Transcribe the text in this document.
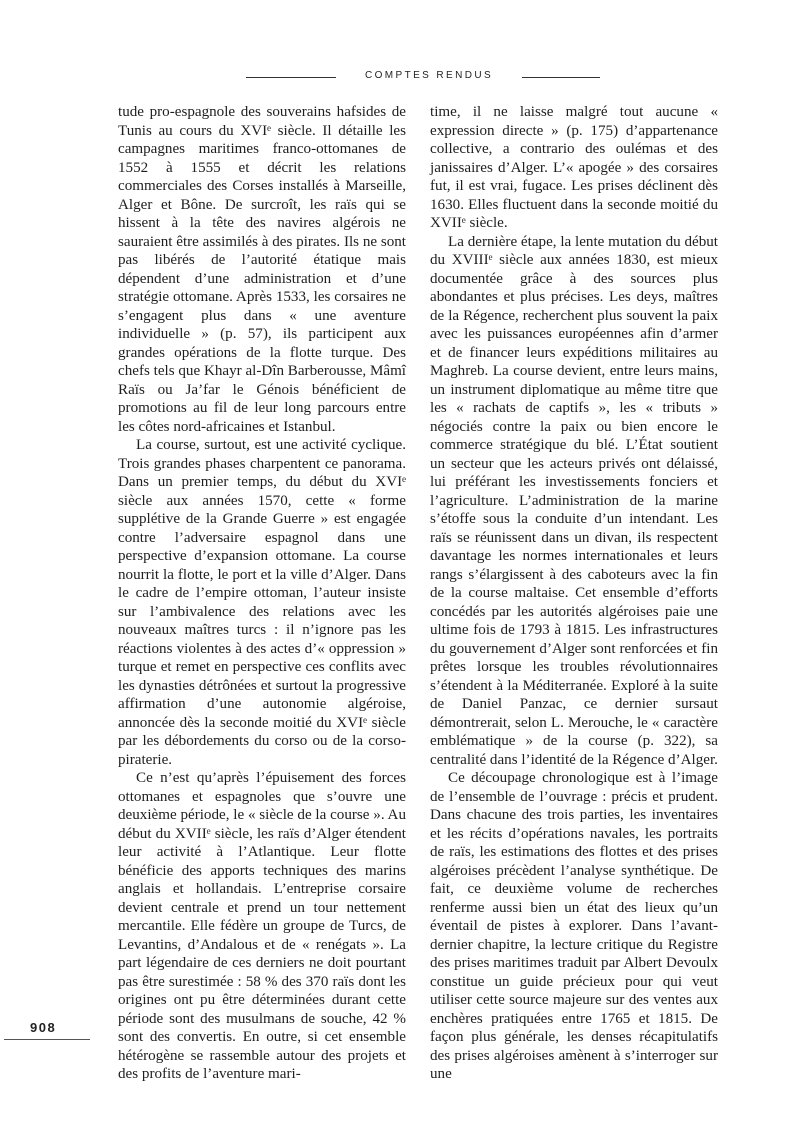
COMPTES RENDUS

tude pro-espagnole des souverains hafsides de Tunis au cours du XVIᵉ siècle. Il détaille les campagnes maritimes franco-ottomanes de 1552 à 1555 et décrit les relations commerciales des Corses installés à Marseille, Alger et Bône. De surcroît, les raïs qui se hissent à la tête des navires algérois ne sauraient être assimilés à des pirates. Ils ne sont pas libérés de l’autorité étatique mais dépendent d’une administration et d’une stratégie ottomane. Après 1533, les corsaires ne s’engagent plus dans « une aventure individuelle » (p. 57), ils participent aux grandes opérations de la flotte turque. Des chefs tels que Khayr al-Dîn Barberousse, Mâmî Raïs ou Ja’far le Génois bénéficient de promotions au fil de leur long parcours entre les côtes nord-africaines et Istanbul.

La course, surtout, est une activité cyclique. Trois grandes phases charpentent ce panorama. Dans un premier temps, du début du XVIᵉ siècle aux années 1570, cette « forme supplétive de la Grande Guerre » est engagée contre l’adversaire espagnol dans une perspective d’expansion ottomane. La course nourrit la flotte, le port et la ville d’Alger. Dans le cadre de l’empire ottoman, l’auteur insiste sur l’ambivalence des relations avec les nouveaux maîtres turcs : il n’ignore pas les réactions violentes à des actes d’« oppression » turque et remet en perspective ces conflits avec les dynasties détrônées et surtout la progressive affirmation d’une autonomie algéroise, annoncée dès la seconde moitié du XVIᵉ siècle par les débordements du corso ou de la corso-piraterie.

Ce n’est qu’après l’épuisement des forces ottomanes et espagnoles que s’ouvre une deuxième période, le « siècle de la course ». Au début du XVIIᵉ siècle, les raïs d’Alger étendent leur activité à l’Atlantique. Leur flotte bénéficie des apports techniques des marins anglais et hollandais. L’entreprise corsaire devient centrale et prend un tour nettement mercantile. Elle fédère un groupe de Turcs, de Levantins, d’Andalous et de « renégats ». La part légendaire de ces derniers ne doit pourtant pas être surestimée : 58 % des 370 raïs dont les origines ont pu être déterminées durant cette période sont des musulmans de souche, 42 % sont des convertis. En outre, si cet ensemble hétérogène se rassemble autour des projets et des profits de l’aventure mari-

time, il ne laisse malgré tout aucune « expression directe » (p. 175) d’appartenance collective, a contrario des oulémas et des janissaires d’Alger. L’« apogée » des corsaires fut, il est vrai, fugace. Les prises déclinent dès 1630. Elles fluctuent dans la seconde moitié du XVIIᵉ siècle.

La dernière étape, la lente mutation du début du XVIIIᵉ siècle aux années 1830, est mieux documentée grâce à des sources plus abondantes et plus précises. Les deys, maîtres de la Régence, recherchent plus souvent la paix avec les puissances européennes afin d’armer et de financer leurs expéditions militaires au Maghreb. La course devient, entre leurs mains, un instrument diplomatique au même titre que les « rachats de captifs », les « tributs » négociés contre la paix ou bien encore le commerce stratégique du blé. L’État soutient un secteur que les acteurs privés ont délaissé, lui préférant les investissements fonciers et l’agriculture. L’administration de la marine s’étoffe sous la conduite d’un intendant. Les raïs se réunissent dans un divan, ils respectent davantage les normes internationales et leurs rangs s’élargissent à des caboteurs avec la fin de la course maltaise. Cet ensemble d’efforts concédés par les autorités algéroises paie une ultime fois de 1793 à 1815. Les infrastructures du gouvernement d’Alger sont renforcées et fin prêtes lorsque les troubles révolutionnaires s’étendent à la Méditerranée. Exploré à la suite de Daniel Panzac, ce dernier sursaut démontrerait, selon L. Merouche, le « caractère emblématique » de la course (p. 322), sa centralité dans l’identité de la Régence d’Alger.

Ce découpage chronologique est à l’image de l’ensemble de l’ouvrage : précis et prudent. Dans chacune des trois parties, les inventaires et les récits d’opérations navales, les portraits de raïs, les estimations des flottes et des prises algéroises précèdent l’analyse synthétique. De fait, ce deuxième volume de recherches renferme aussi bien un état des lieux qu’un éventail de pistes à explorer. Dans l’avant-dernier chapitre, la lecture critique du Registre des prises maritimes traduit par Albert Devoulx constitue un guide précieux pour qui veut utiliser cette source majeure sur des ventes aux enchères pratiquées entre 1765 et 1815. De façon plus générale, les denses récapitulatifs des prises algéroises amènent à s’interroger sur une

908
